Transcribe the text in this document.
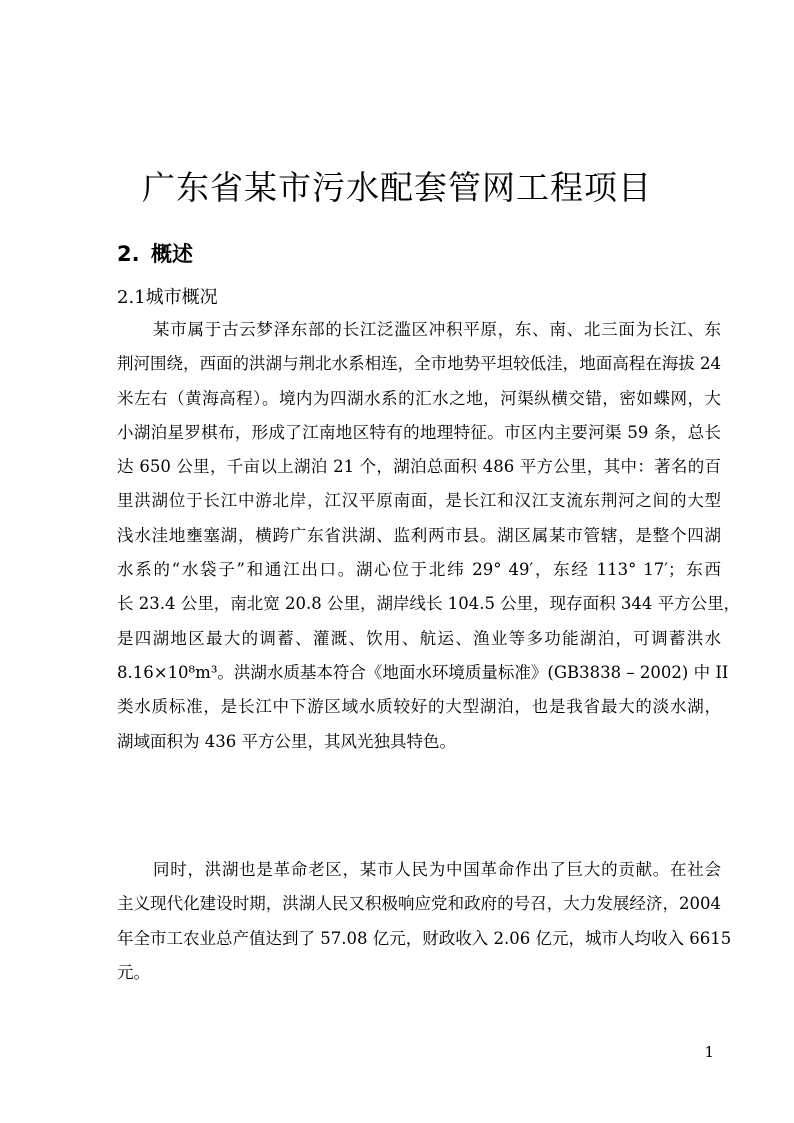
广东省某市污水配套管网工程项目
2. 概述
2.1城市概况
某市属于古云梦泽东部的长江泛滥区冲积平原，东、南、北三面为长江、东
荆河围绕，西面的洪湖与荆北水系相连，全市地势平坦较低洼，地面高程在海拔 24
米左右（黄海高程）。境内为四湖水系的汇水之地，河渠纵横交错，密如蝶网，大
小湖泊星罗棋布，形成了江南地区特有的地理特征。市区内主要河渠 59 条，总长
达 650 公里，千亩以上湖泊 21 个，湖泊总面积 486 平方公里，其中：著名的百
里洪湖位于长江中游北岸，江汉平原南面，是长江和汉江支流东荆河之间的大型
浅水洼地壅塞湖，横跨广东省洪湖、监利两市县。湖区属某市管辖，是整个四湖
水系的“水袋子”和通江出口。湖心位于北纬 29° 49′，东经 113° 17′；东西
长 23.4 公里，南北宽 20.8 公里，湖岸线长 104.5 公里，现存面积 344 平方公里，
是四湖地区最大的调蓄、灌溉、饮用、航运、渔业等多功能湖泊，可调蓄洪水
8.16×10⁸m³。洪湖水质基本符合《地面水环境质量标准》(GB3838 – 2002) 中 II
类水质标准，是长江中下游区域水质较好的大型湖泊，也是我省最大的淡水湖，
湖域面积为 436 平方公里，其风光独具特色。
同时，洪湖也是革命老区，某市人民为中国革命作出了巨大的贡献。在社会
主义现代化建设时期，洪湖人民又积极响应党和政府的号召，大力发展经济，2004
年全市工农业总产值达到了 57.08 亿元，财政收入 2.06 亿元，城市人均收入 6615
元。
1
